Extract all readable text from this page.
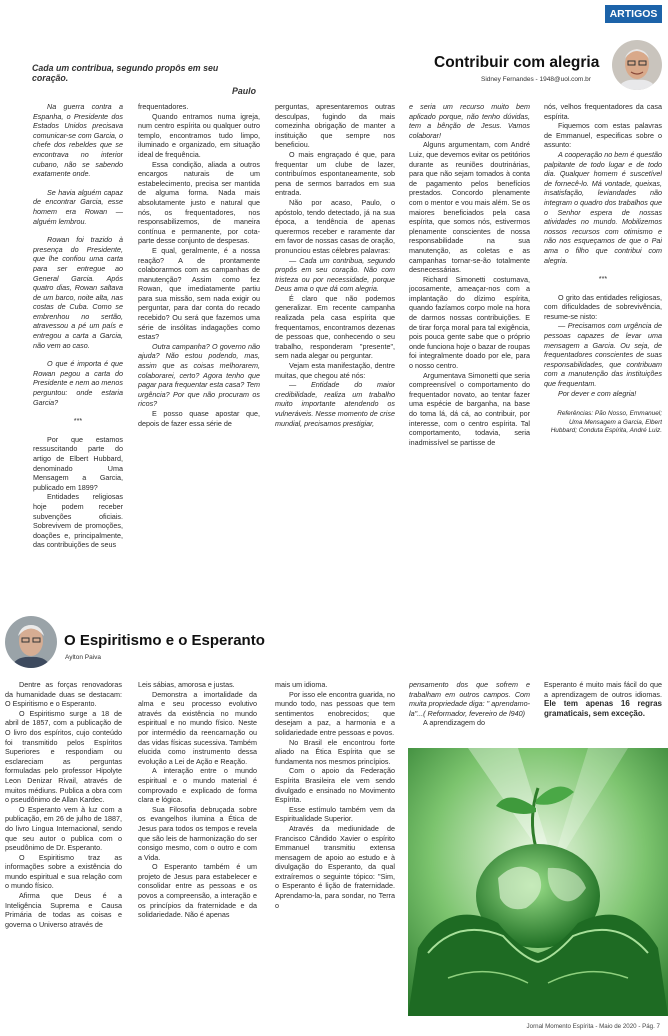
ARTIGOS
Cada um contribua, segundo propôs em seu coração.
Paulo
Contribuir com alegria
Sidney Fernandes - 1948@uol.com.br

Na guerra contra a Espanha, o Presidente dos Estados Unidos precisava comunicar-se com Garcia, o chefe dos rebeldes que se encontrava no interior cubano, não se sabendo exatamente onde.

Se havia alguém capaz de encontrar Garcia, esse homem era Rowan — alguém lembrou.

Rowan foi trazido à presença do Presidente, que lhe confiou uma carta para ser entregue ao General Garcia. Após quatro dias, Rowan saltava de um barco, noite alta, nas costas de Cuba. Como se embrenhou no sertão, atravessou a pé um país e entregou a carta a Garcia, não vem ao caso.

O que é importa é que Rowan pegou a carta do Presidente e nem ao menos perguntou: onde estaria Garcia?

***

Por que estamos ressuscitando parte do artigo de Elbert Hubbard, denominado Uma Mensagem a Garcia, publicado em 1899?

Entidades religiosas hoje podem receber subvenções oficiais. Sobrevivem de promoções, doações e, principalmente, das contribuições de seus

frequentadores.

Quando entramos numa igreja, num centro espírita ou qualquer outro templo, encontramos tudo limpo, iluminado e organizado, em situação ideal de frequência.

Essa condição, aliada a outros encargos naturais de um estabelecimento, precisa ser mantida de alguma forma. Nada mais absolutamente justo e natural que nós, os frequentadores, nos responsabilizemos, de maneira contínua e permanente, por cota-parte desse conjunto de despesas.

E qual, geralmente, é a nossa reação? A de prontamente colaborarmos com as campanhas de manutenção? Assim como fez Rowan, que imediatamente partiu para sua missão, sem nada exigir ou perguntar, para dar conta do recado recebido? Ou será que fazemos uma série de insólitas indagações como estas?

Outra campanha? O governo não ajuda? Não estou podendo, mas, assim que as coisas melhorarem, colaborarei, certo? Agora tenho que pagar para frequentar esta casa? Tem urgência? Por que não procuram os ricos?

E posso quase apostar que, depois de fazer essa série de

perguntas, apresentaremos outras desculpas, fugindo da mais comezinha obrigação de manter a instituição que sempre nos beneficiou.

O mais engraçado é que, para frequentar um clube de lazer, contribuímos espontaneamente, sob pena de sermos barrados em sua entrada.

Não por acaso, Paulo, o apóstolo, tendo detectado, já na sua época, a tendência de apenas querermos receber e raramente dar em favor de nossas casas de oração, pronunciou estas célebres palavras:

— Cada um contribua, segundo propôs em seu coração. Não com tristeza ou por necessidade, porque Deus ama o que dá com alegria.

É claro que não podemos generalizar. Em recente campanha realizada pela casa espírita que frequentamos, encontramos dezenas de pessoas que, conhecendo o seu trabalho, responderam "presente", sem nada alegar ou perguntar.

Vejam esta manifestação, dentre muitas, que chegou até nós:

— Entidade do maior credibilidade, realiza um trabalho muito importante atendendo os vulneráveis. Nesse momento de crise mundial, precisamos prestigiar,

e seria um recurso muito bem aplicado porque, não tenho dúvidas, tem a bênção de Jesus. Vamos colaborar!

Alguns argumentam, com André Luiz, que devemos evitar os petitórios durante as reuniões doutrinárias, para que não sejam tomados à conta de pagamento pelos benefícios prestados. Concordo plenamente com o mentor e vou mais além. Se os maiores beneficiados pela casa espírita, que somos nós, estivermos plenamente conscientes de nossa responsabilidade na sua manutenção, as coletas e as campanhas tornar-se-ão totalmente desnecessárias.

Richard Simonetti costumava, jocosamente, ameaçar-nos com a implantação do dízimo espírita, quando fazíamos corpo mole na hora de darmos nossas contribuições. E de tirar força moral para tal exigência, pois pouca gente sabe que o próprio onde funciona hoje o bazar de roupas foi integralmente doado por ele, para o nosso centro.

Argumentava Simonetti que seria compreensível o comportamento do frequentador novato, ao tentar fazer uma espécie de barganha, na base do toma lá, dá cá, ao contribuir, por interesse, com o centro espírita. Tal comportamento, todavia, seria inadmissível se partisse de

nós, velhos frequentadores da casa espírita.

Fiquemos com estas palavras de Emmanuel, especificas sobre o assunto:

A cooperação no bem é questão palpitante de todo lugar e de todo dia. Qualquer homem é suscetível de fornecê-lo. Má vontade, queixas, insatisfação, leviandades não integram o quadro dos trabalhos que o Senhor espera de nossas atividades no mundo. Mobilizemos nossos recursos com otimismo e não nos esqueçamos de que o Pai ama o filho que contribui com alegria.

***

O grito das entidades religiosas, com dificuldades de sobrevivência, resume-se nisto:

— Precisamos com urgência de pessoas capazes de levar uma mensagem a Garcia. Ou seja, de frequentadores conscientes de suas responsabilidades, que contribuam com a manutenção das instituições que frequentam.

Por dever e com alegria!

Referências: Pão Nosso, Emmanuel; Uma Mensagem a Garcia, Elbert Hubbard; Conduta Espírita, André Luiz.

O Espiritismo e o Esperanto
Aylton Paiva

Dentre as forças renovadoras da humanidade duas se destacam: O Espiritismo e o Esperanto.

O Espiritismo surge a 18 de abril de 1857, com a publicação de O livro dos espíritos, cujo conteúdo foi transmitido pelos Espíritos Superiores e respondiam ou esclareciam as perguntas formuladas pelo professor Hipolyte Leon Denizar Rivail, através de muitos médiuns. Publica a obra com o pseudônimo de Allan Kardec.

O Esperanto vem à luz com a publicação, em 26 de julho de 1887, do livro Lingua Internacional, sendo que seu autor o publica com o pseudônimo de Dr. Esperanto.

O Espiritismo traz as informações sobre a existência do mundo espiritual e sua relação com o mundo físico.

Afirma que Deus é a Inteligência Suprema e Causa Primária de todas as coisas e governa o Universo através de

Leis sábias, amorosa e justas.

Demonstra a imortalidade da alma e seu processo evolutivo através da existência no mundo espiritual e no mundo físico. Neste por intermédio da reencarnação ou das vidas físicas sucessiva. Também elucida como instrumento dessa evolução a Lei de Ação e Reação.

A interação entre o mundo espiritual e o mundo material é comprovado e explicado de forma clara e lógica.

Sua Filosofia debruçada sobre os evangelhos ilumina a Ética de Jesus para todos os tempos e revela que são leis de harmonização do ser consigo mesmo, com o outro e com a Vida.

O Esperanto também é um projeto de Jesus para estabelecer e consolidar entre as pessoas e os povos a compreensão, a interação e os princípios da fraternidade e da solidariedade. Não é apenas

mais um idioma.

Por isso ele encontra guarida, no mundo todo, nas pessoas que tem sentimentos enobrecidos; que desejam a paz, a harmonia e a solidariedade entre pessoas e povos.

No Brasil ele encontrou forte aliado na Ética Espírita que se fundamenta nos mesmos princípios.

Com o apoio da Federação Espírita Brasileira ele vem sendo divulgado e ensinado no Movimento Espírita.

Esse estímulo também vem da Espiritualidade Superior.

Através da mediunidade de Francisco Cândido Xavier o espírito Emmanuel transmitiu extensa mensagem de apoio ao estudo e à divulgação do Esperanto, da qual extraíremos o seguinte tópico: "Sim, o Esperanto é lição de fraternidade. Aprendamo-la, para sondar, no Terra o

pensamento dos que sofrem e trabalham em outros campos. Com muita propriedade diga: " aprendamo-la"...( Reformador, fevereiro de l940)

A aprendizagem do

Esperanto é muito mais fácil do que a aprendizagem de outros idiomas. Ele tem apenas 16 regras gramaticais, sem exceção.
Jornal Momento Espírita - Maio de 2020 - Pág. 7
